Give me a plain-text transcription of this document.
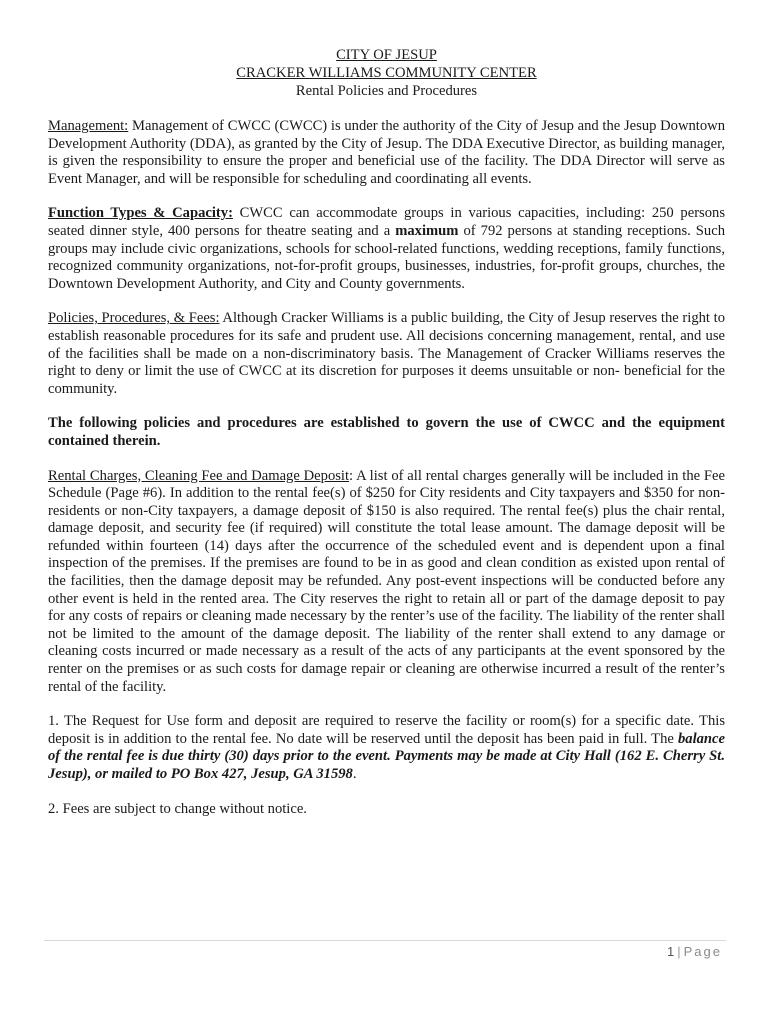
CITY OF JESUP
CRACKER WILLIAMS COMMUNITY CENTER
Rental Policies and Procedures

Management: Management of CWCC (CWCC) is under the authority of the City of Jesup and the Jesup Downtown Development Authority (DDA), as granted by the City of Jesup. The DDA Executive Director, as building manager, is given the responsibility to ensure the proper and beneficial use of the facility. The DDA Director will serve as Event Manager, and will be responsible for scheduling and coordinating all events.

Function Types & Capacity: CWCC can accommodate groups in various capacities, including: 250 persons seated dinner style, 400 persons for theatre seating and a maximum of 792 persons at standing receptions. Such groups may include civic organizations, schools for school-related functions, wedding receptions, family functions, recognized community organizations, not-for-profit groups, businesses, industries, for-profit groups, churches, the Downtown Development Authority, and City and County governments.

Policies, Procedures, & Fees: Although Cracker Williams is a public building, the City of Jesup reserves the right to establish reasonable procedures for its safe and prudent use. All decisions concerning management, rental, and use of the facilities shall be made on a non-discriminatory basis. The Management of Cracker Williams reserves the right to deny or limit the use of CWCC at its discretion for purposes it deems unsuitable or non- beneficial for the community.

The following policies and procedures are established to govern the use of CWCC and the equipment contained therein.

Rental Charges, Cleaning Fee and Damage Deposit: A list of all rental charges generally will be included in the Fee Schedule (Page #6). In addition to the rental fee(s) of $250 for City residents and City taxpayers and $350 for non-residents or non-City taxpayers, a damage deposit of $150 is also required. The rental fee(s) plus the chair rental, damage deposit, and security fee (if required) will constitute the total lease amount. The damage deposit will be refunded within fourteen (14) days after the occurrence of the scheduled event and is dependent upon a final inspection of the premises. If the premises are found to be in as good and clean condition as existed upon rental of the facilities, then the damage deposit may be refunded. Any post-event inspections will be conducted before any other event is held in the rented area. The City reserves the right to retain all or part of the damage deposit to pay for any costs of repairs or cleaning made necessary by the renter’s use of the facility. The liability of the renter shall not be limited to the amount of the damage deposit. The liability of the renter shall extend to any damage or cleaning costs incurred or made necessary as a result of the acts of any participants at the event sponsored by the renter on the premises or as such costs for damage repair or cleaning are otherwise incurred a result of the renter’s rental of the facility.

1. The Request for Use form and deposit are required to reserve the facility or room(s) for a specific date. This deposit is in addition to the rental fee. No date will be reserved until the deposit has been paid in full. The balance of the rental fee is due thirty (30) days prior to the event. Payments may be made at City Hall (162 E. Cherry St. Jesup), or mailed to PO Box 427, Jesup, GA 31598.

2. Fees are subject to change without notice.

1 | Page
